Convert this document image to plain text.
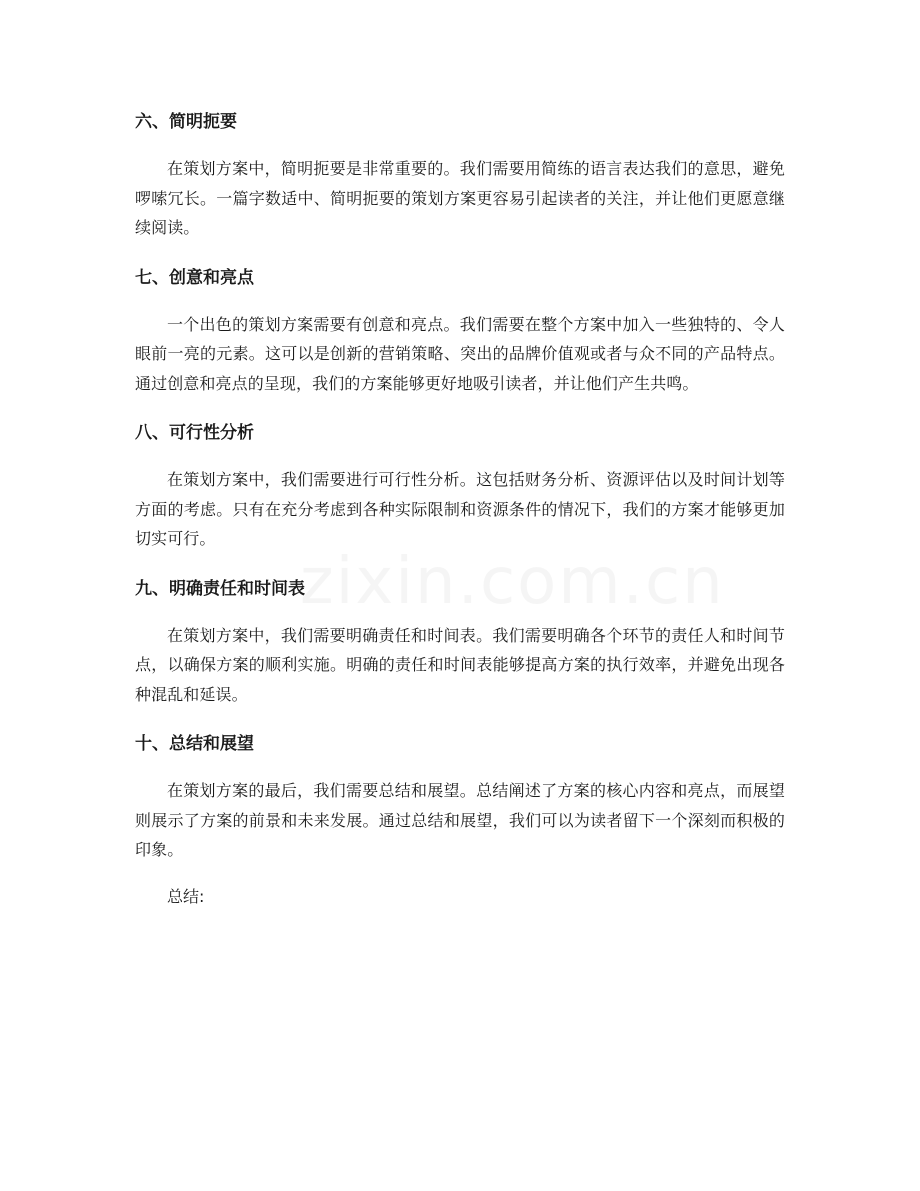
zixin.com.cn
六、简明扼要

在策划方案中，简明扼要是非常重要的。我们需要用简练的语言表达我们的意思，避免啰嗦冗长。一篇字数适中、简明扼要的策划方案更容易引起读者的关注，并让他们更愿意继续阅读。

七、创意和亮点

一个出色的策划方案需要有创意和亮点。我们需要在整个方案中加入一些独特的、令人眼前一亮的元素。这可以是创新的营销策略、突出的品牌价值观或者与众不同的产品特点。通过创意和亮点的呈现，我们的方案能够更好地吸引读者，并让他们产生共鸣。

八、可行性分析

在策划方案中，我们需要进行可行性分析。这包括财务分析、资源评估以及时间计划等方面的考虑。只有在充分考虑到各种实际限制和资源条件的情况下，我们的方案才能够更加切实可行。

九、明确责任和时间表

在策划方案中，我们需要明确责任和时间表。我们需要明确各个环节的责任人和时间节点，以确保方案的顺利实施。明确的责任和时间表能够提高方案的执行效率，并避免出现各种混乱和延误。

十、总结和展望

在策划方案的最后，我们需要总结和展望。总结阐述了方案的核心内容和亮点，而展望则展示了方案的前景和未来发展。通过总结和展望，我们可以为读者留下一个深刻而积极的印象。

总结:
